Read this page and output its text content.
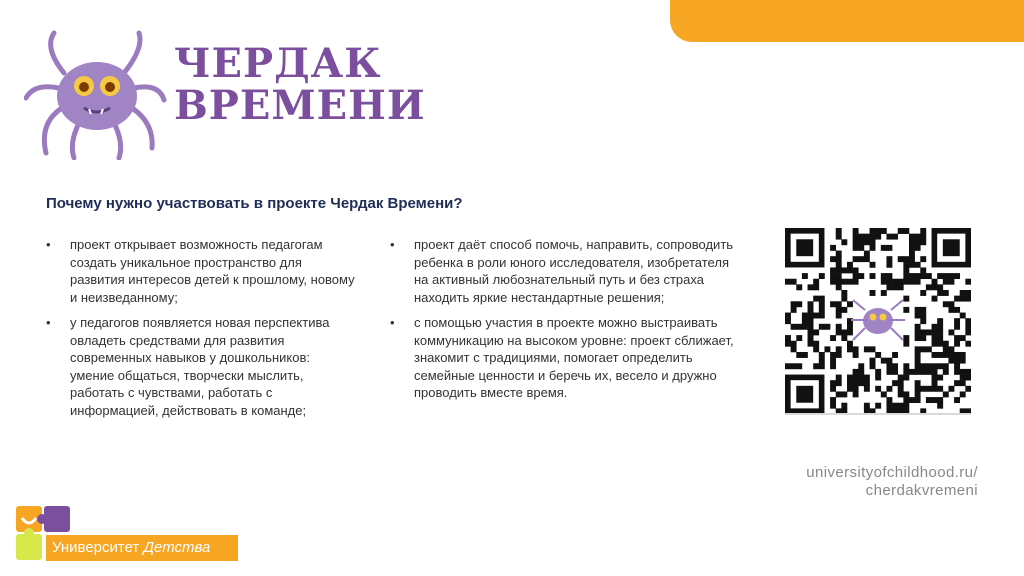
ЧЕРДАК
ВРЕМЕНИ
Почему нужно участвовать в проекте Чердак Времени?
• проект открывает возможность педагогам создать уникальное пространство для развития интересов детей к прошлому, новому и неизведанному;
• у педагогов появляется новая перспектива овладеть средствами для развития современных навыков у дошкольников: умение общаться, творчески мыслить, работать с чувствами, работать с информацией, действовать в команде;
• проект даёт способ помочь, направить, сопроводить ребенка в роли юного исследователя, изобретателя на активный любознательный путь и без страха находить яркие нестандартные решения;
• с помощью участия в проекте можно выстраивать коммуникацию на высоком уровне: проект сближает, знакомит с традициями, помогает определить семейные ценности и беречь их, весело и дружно проводить вместе время.
universityofchildhood.ru/
cherdakvremeni
Университет Детства
